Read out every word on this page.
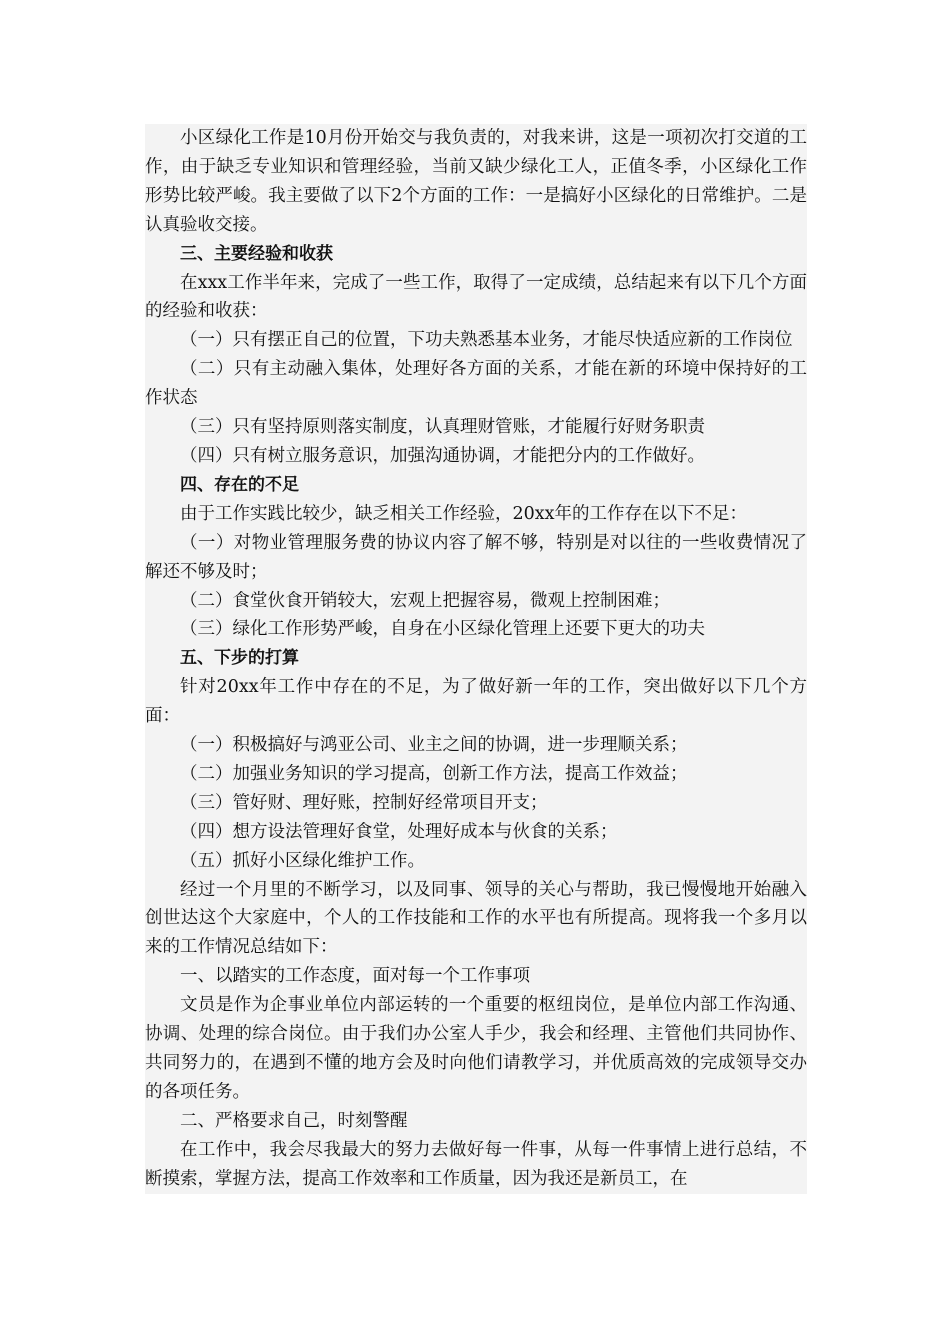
小区绿化工作是10月份开始交与我负责的，对我来讲，这是一项初次打交道的工作，由于缺乏专业知识和管理经验，当前又缺少绿化工人，正值冬季，小区绿化工作形势比较严峻。我主要做了以下2个方面的工作：一是搞好小区绿化的日常维护。二是认真验收交接。

三、主要经验和收获

在xxx工作半年来，完成了一些工作，取得了一定成绩，总结起来有以下几个方面的经验和收获：

（一）只有摆正自己的位置，下功夫熟悉基本业务，才能尽快适应新的工作岗位

（二）只有主动融入集体，处理好各方面的关系，才能在新的环境中保持好的工作状态

（三）只有坚持原则落实制度，认真理财管账，才能履行好财务职责

（四）只有树立服务意识，加强沟通协调，才能把分内的工作做好。

四、存在的不足

由于工作实践比较少，缺乏相关工作经验，20xx年的工作存在以下不足：

（一）对物业管理服务费的协议内容了解不够，特别是对以往的一些收费情况了解还不够及时；

（二）食堂伙食开销较大，宏观上把握容易，微观上控制困难；

（三）绿化工作形势严峻，自身在小区绿化管理上还要下更大的功夫

五、下步的打算

针对20xx年工作中存在的不足，为了做好新一年的工作，突出做好以下几个方面：

（一）积极搞好与鸿亚公司、业主之间的协调，进一步理顺关系；

（二）加强业务知识的学习提高，创新工作方法，提高工作效益；

（三）管好财、理好账，控制好经常项目开支；

（四）想方设法管理好食堂，处理好成本与伙食的关系；

（五）抓好小区绿化维护工作。

经过一个月里的不断学习，以及同事、领导的关心与帮助，我已慢慢地开始融入创世达这个大家庭中，个人的工作技能和工作的水平也有所提高。现将我一个多月以来的工作情况总结如下：

一、以踏实的工作态度，面对每一个工作事项

文员是作为企事业单位内部运转的一个重要的枢纽岗位，是单位内部工作沟通、协调、处理的综合岗位。由于我们办公室人手少，我会和经理、主管他们共同协作、共同努力的，在遇到不懂的地方会及时向他们请教学习，并优质高效的完成领导交办的各项任务。

二、严格要求自己，时刻警醒

在工作中，我会尽我最大的努力去做好每一件事，从每一件事情上进行总结，不断摸索，掌握方法，提高工作效率和工作质量，因为我还是新员工，在
